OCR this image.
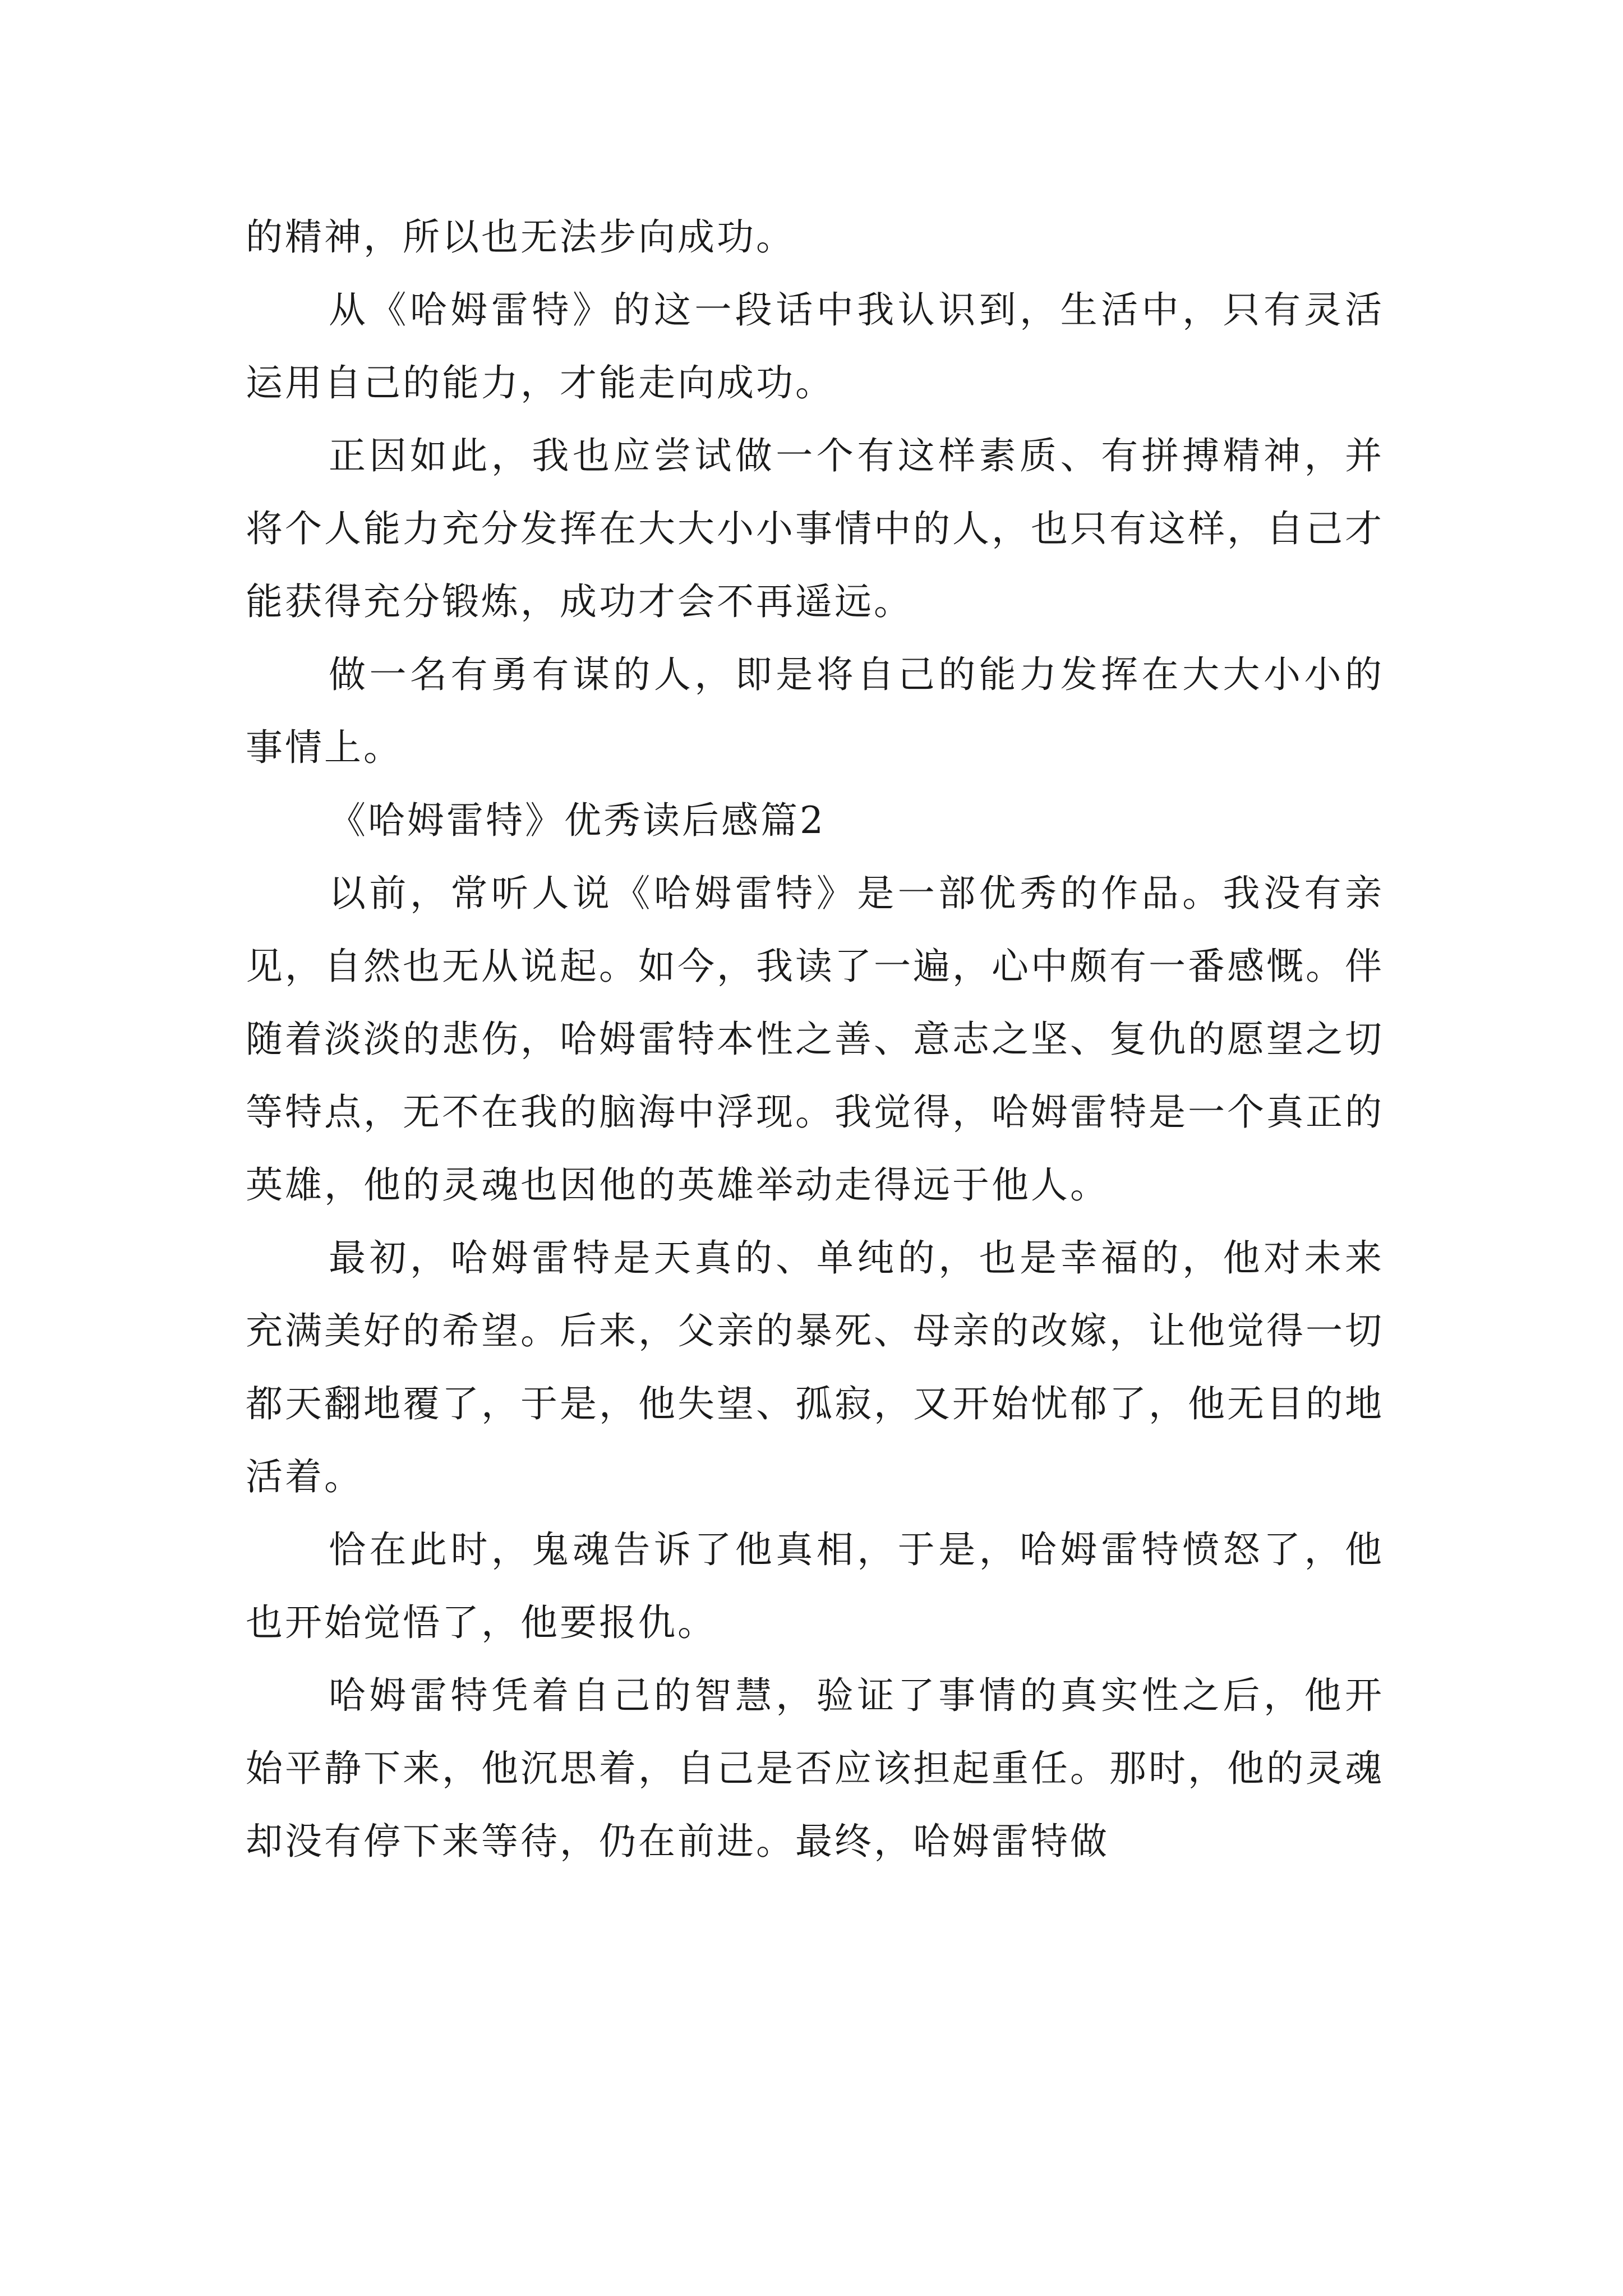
的精神，所以也无法步向成功。

从《哈姆雷特》的这一段话中我认识到，生活中，只有灵活运用自己的能力，才能走向成功。

正因如此，我也应尝试做一个有这样素质、有拼搏精神，并将个人能力充分发挥在大大小小事情中的人，也只有这样，自己才能获得充分锻炼，成功才会不再遥远。

做一名有勇有谋的人，即是将自己的能力发挥在大大小小的事情上。

《哈姆雷特》优秀读后感篇2

以前，常听人说《哈姆雷特》是一部优秀的作品。我没有亲见，自然也无从说起。如今，我读了一遍，心中颇有一番感慨。伴随着淡淡的悲伤，哈姆雷特本性之善、意志之坚、复仇的愿望之切等特点，无不在我的脑海中浮现。我觉得，哈姆雷特是一个真正的英雄，他的灵魂也因他的英雄举动走得远于他人。

最初，哈姆雷特是天真的、单纯的，也是幸福的，他对未来充满美好的希望。后来，父亲的暴死、母亲的改嫁，让他觉得一切都天翻地覆了，于是，他失望、孤寂，又开始忧郁了，他无目的地活着。

恰在此时，鬼魂告诉了他真相，于是，哈姆雷特愤怒了，他也开始觉悟了，他要报仇。

哈姆雷特凭着自己的智慧，验证了事情的真实性之后，他开始平静下来，他沉思着，自己是否应该担起重任。那时，他的灵魂却没有停下来等待，仍在前进。最终，哈姆雷特做
